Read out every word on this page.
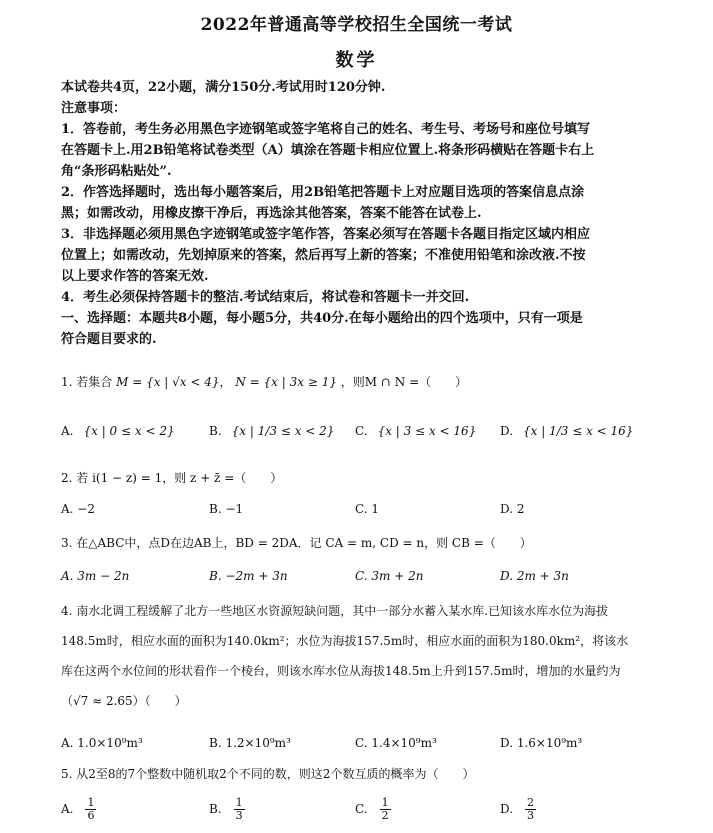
2022年普通高等学校招生全国统一考试
数学
本试卷共4页，22小题，满分150分.考试用时120分钟.
注意事项：
1．答卷前，考生务必用黑色字迹钢笔或签字笔将自己的姓名、考生号、考场号和座位号填写
在答题卡上.用2B铅笔将试卷类型（A）填涂在答题卡相应位置上.将条形码横贴在答题卡右上
角“条形码粘贴处”.
2．作答选择题时，选出每小题答案后，用2B铅笔把答题卡上对应题目选项的答案信息点涂
黑；如需改动，用橡皮擦干净后，再选涂其他答案，答案不能答在试卷上.
3．非选择题必须用黑色字迹钢笔或签字笔作答，答案必须写在答题卡各题目指定区域内相应
位置上；如需改动，先划掉原来的答案，然后再写上新的答案；不准使用铅笔和涂改液.不按
以上要求作答的答案无效.
4．考生必须保持答题卡的整洁.考试结束后，将试卷和答题卡一并交回.
一、选择题：本题共8小题，每小题5分，共40分.在每小题给出的四个选项中，只有一项是
符合题目要求的.
1. 若集合 M = {x | √x < 4}， N = {x | 3x ≥ 1} ，则M ∩ N =（　　）
A. {x | 0 ≤ x < 2}	B. {x | 1/3 ≤ x < 2} C. {x | 3 ≤ x < 16} D. {x | 1/3 ≤ x < 16}
2. 若 i(1 − z) = 1，则 z + z̄ =（　　）
A. −2	B. −1	C. 1	D. 2
3. 在△ABC中，点D在边AB上，BD = 2DA．记 CA = m, CD = n，则 CB =（　　）
A. 3m − 2n	B. −2m + 3n	C. 3m + 2n	D. 2m + 3n
4. 南水北调工程缓解了北方一些地区水资源短缺问题，其中一部分水蓄入某水库.已知该水库水位为海拔
148.5m时，相应水面的面积为140.0km²；水位为海拔157.5m时，相应水面的面积为180.0km²，将该水
库在这两个水位间的形状看作一个棱台，则该水库水位从海拔148.5m上升到157.5m时，增加的水量约为
（√7 ≈ 2.65）（　　）
A. 1.0×10⁹m³	B. 1.2×10⁹m³	C. 1.4×10⁹m³	D. 1.6×10⁹m³
5. 从2至8的7个整数中随机取2个不同的数，则这2个数互质的概率为（　　）
A. $\frac{1}{6}$	B. $\frac{1}{3}$	C. $\frac{1}{2}$	D. $\frac{2}{3}$
